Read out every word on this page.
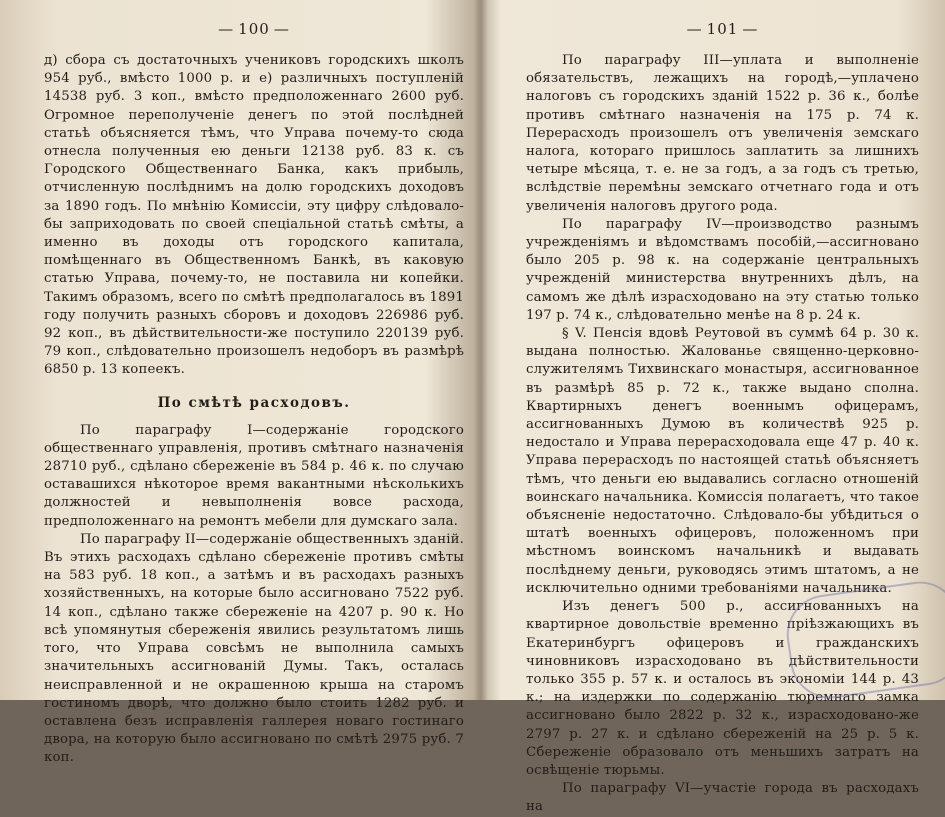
— 100 —

д) сбора съ достаточныхъ учениковъ городскихъ школъ 954 руб., вмѣсто 1000 р. и е) различныхъ поступленій 14538 руб. 3 коп., вмѣсто предположеннаго 2600 руб. Огромное переполученіе денегъ по этой послѣдней статьѣ объясняется тѣмъ, что Управа почему-то сюда отнесла полученныя ею деньги 12138 руб. 83 к. съ Городского Общественнаго Банка, какъ прибыль, отчисленную послѣднимъ на долю городскихъ доходовъ за 1890 годъ. По мнѣнію Комиссіи, эту цифру слѣдовало-бы заприходовать по своей спеціальной статьѣ смѣты, а именно въ доходы отъ городского капитала, помѣщеннаго въ Общественномъ Банкѣ, въ каковую статью Управа, почему-то, не поставила ни копейки. Такимъ образомъ, всего по смѣтѣ предполагалось въ 1891 году получить разныхъ сборовъ и доходовъ 226986 руб. 92 коп., въ дѣйствительности-же поступило 220139 руб. 79 коп., слѣдовательно произошелъ недоборъ въ размѣрѣ 6850 р. 13 копеекъ.

По смѣтѣ расходовъ.

По параграфу I—содержаніе городского общественнаго управленія, противъ смѣтнаго назначенія 28710 руб., сдѣлано сбереженіе въ 584 р. 46 к. по случаю оставашихся нѣкоторое время вакантными нѣсколькихъ должностей и невыполненія вовсе расхода, предположеннаго на ремонтъ мебели для думскаго зала.

По параграфу II—содержаніе общественныхъ зданій. Въ этихъ расходахъ сдѣлано сбереженіе противъ смѣты на 583 руб. 18 коп., а затѣмъ и въ расходахъ разныхъ хозяйственныхъ, на которые было ассигновано 7522 руб. 14 коп., сдѣлано также сбереженіе на 4207 р. 90 к. Но всѣ упомянутыя сбереженія явились результатомъ лишь того, что Управа совсѣмъ не выполнила самыхъ значительныхъ ассигнованій Думы. Такъ, осталась неисправленной и не окрашенною крыша на старомъ гостиномъ дворѣ, что должно было стоить 1282 руб. и оставлена безъ исправленія галлерея новаго гостинаго двора, на которую было ассигновано по смѣтѣ 2975 руб. 7 коп.

— 101 —

По параграфу III—уплата и выполненіе обязательствъ, лежащихъ на городѣ,—уплачено налоговъ съ городскихъ зданій 1522 р. 36 к., болѣе противъ смѣтнаго назначенія на 175 р. 74 к. Перерасходъ произошелъ отъ увеличенія земскаго налога, котораго пришлось заплатить за лишнихъ четыре мѣсяца, т. е. не за годъ, а за годъ съ третью, вслѣдствіе перемѣны земскаго отчетнаго года и отъ увеличенія налоговъ другого рода.

По параграфу IV—производство разнымъ учрежденіямъ и вѣдомствамъ пособій,—ассигновано было 205 р. 98 к. на содержаніе центральныхъ учрежденій министерства внутреннихъ дѣлъ, на самомъ же дѣлѣ израсходовано на эту статью только 197 р. 74 к., слѣдовательно менѣе на 8 р. 24 к.

§ V. Пенсія вдовѣ Реутовой въ суммѣ 64 р. 30 к. выдана полностью. Жалованье священно-церковно-служителямъ Тихвинскаго монастыря, ассигнованное въ размѣрѣ 85 р. 72 к., также выдано сполна. Квартирныхъ денегъ военнымъ офицерамъ, ассигнованныхъ Думою въ количествѣ 925 р. недостало и Управа перерасходовала еще 47 р. 40 к. Управа перерасходъ по настоящей статьѣ объясняетъ тѣмъ, что деньги ею выдавались согласно отношеній воинскаго начальника. Комиссія полагаетъ, что такое объясненіе недостаточно. Слѣдовало-бы убѣдиться о штатѣ военныхъ офицеровъ, положенномъ при мѣстномъ воинскомъ начальникѣ и выдавать послѣднему деньги, руководясь этимъ штатомъ, а не исключительно одними требованіями начальника.

Изъ денегъ 500 р., ассигнованныхъ на квартирное довольствіе временно пріѣзжающихъ въ Екатеринбургъ офицеровъ и гражданскихъ чиновниковъ израсходовано въ дѣйствительности только 355 р. 57 к. и осталось въ экономіи 144 р. 43 к.; на издержки по содержанію тюремнаго замка ассигновано было 2822 р. 32 к., израсходовано-же 2797 р. 27 к. и сдѣлано сбереженій на 25 р. 5 к. Сбереженіе образовало отъ меньшихъ затратъ на освѣщеніе тюрьмы.

По параграфу VI—участіе города въ расходахъ на
